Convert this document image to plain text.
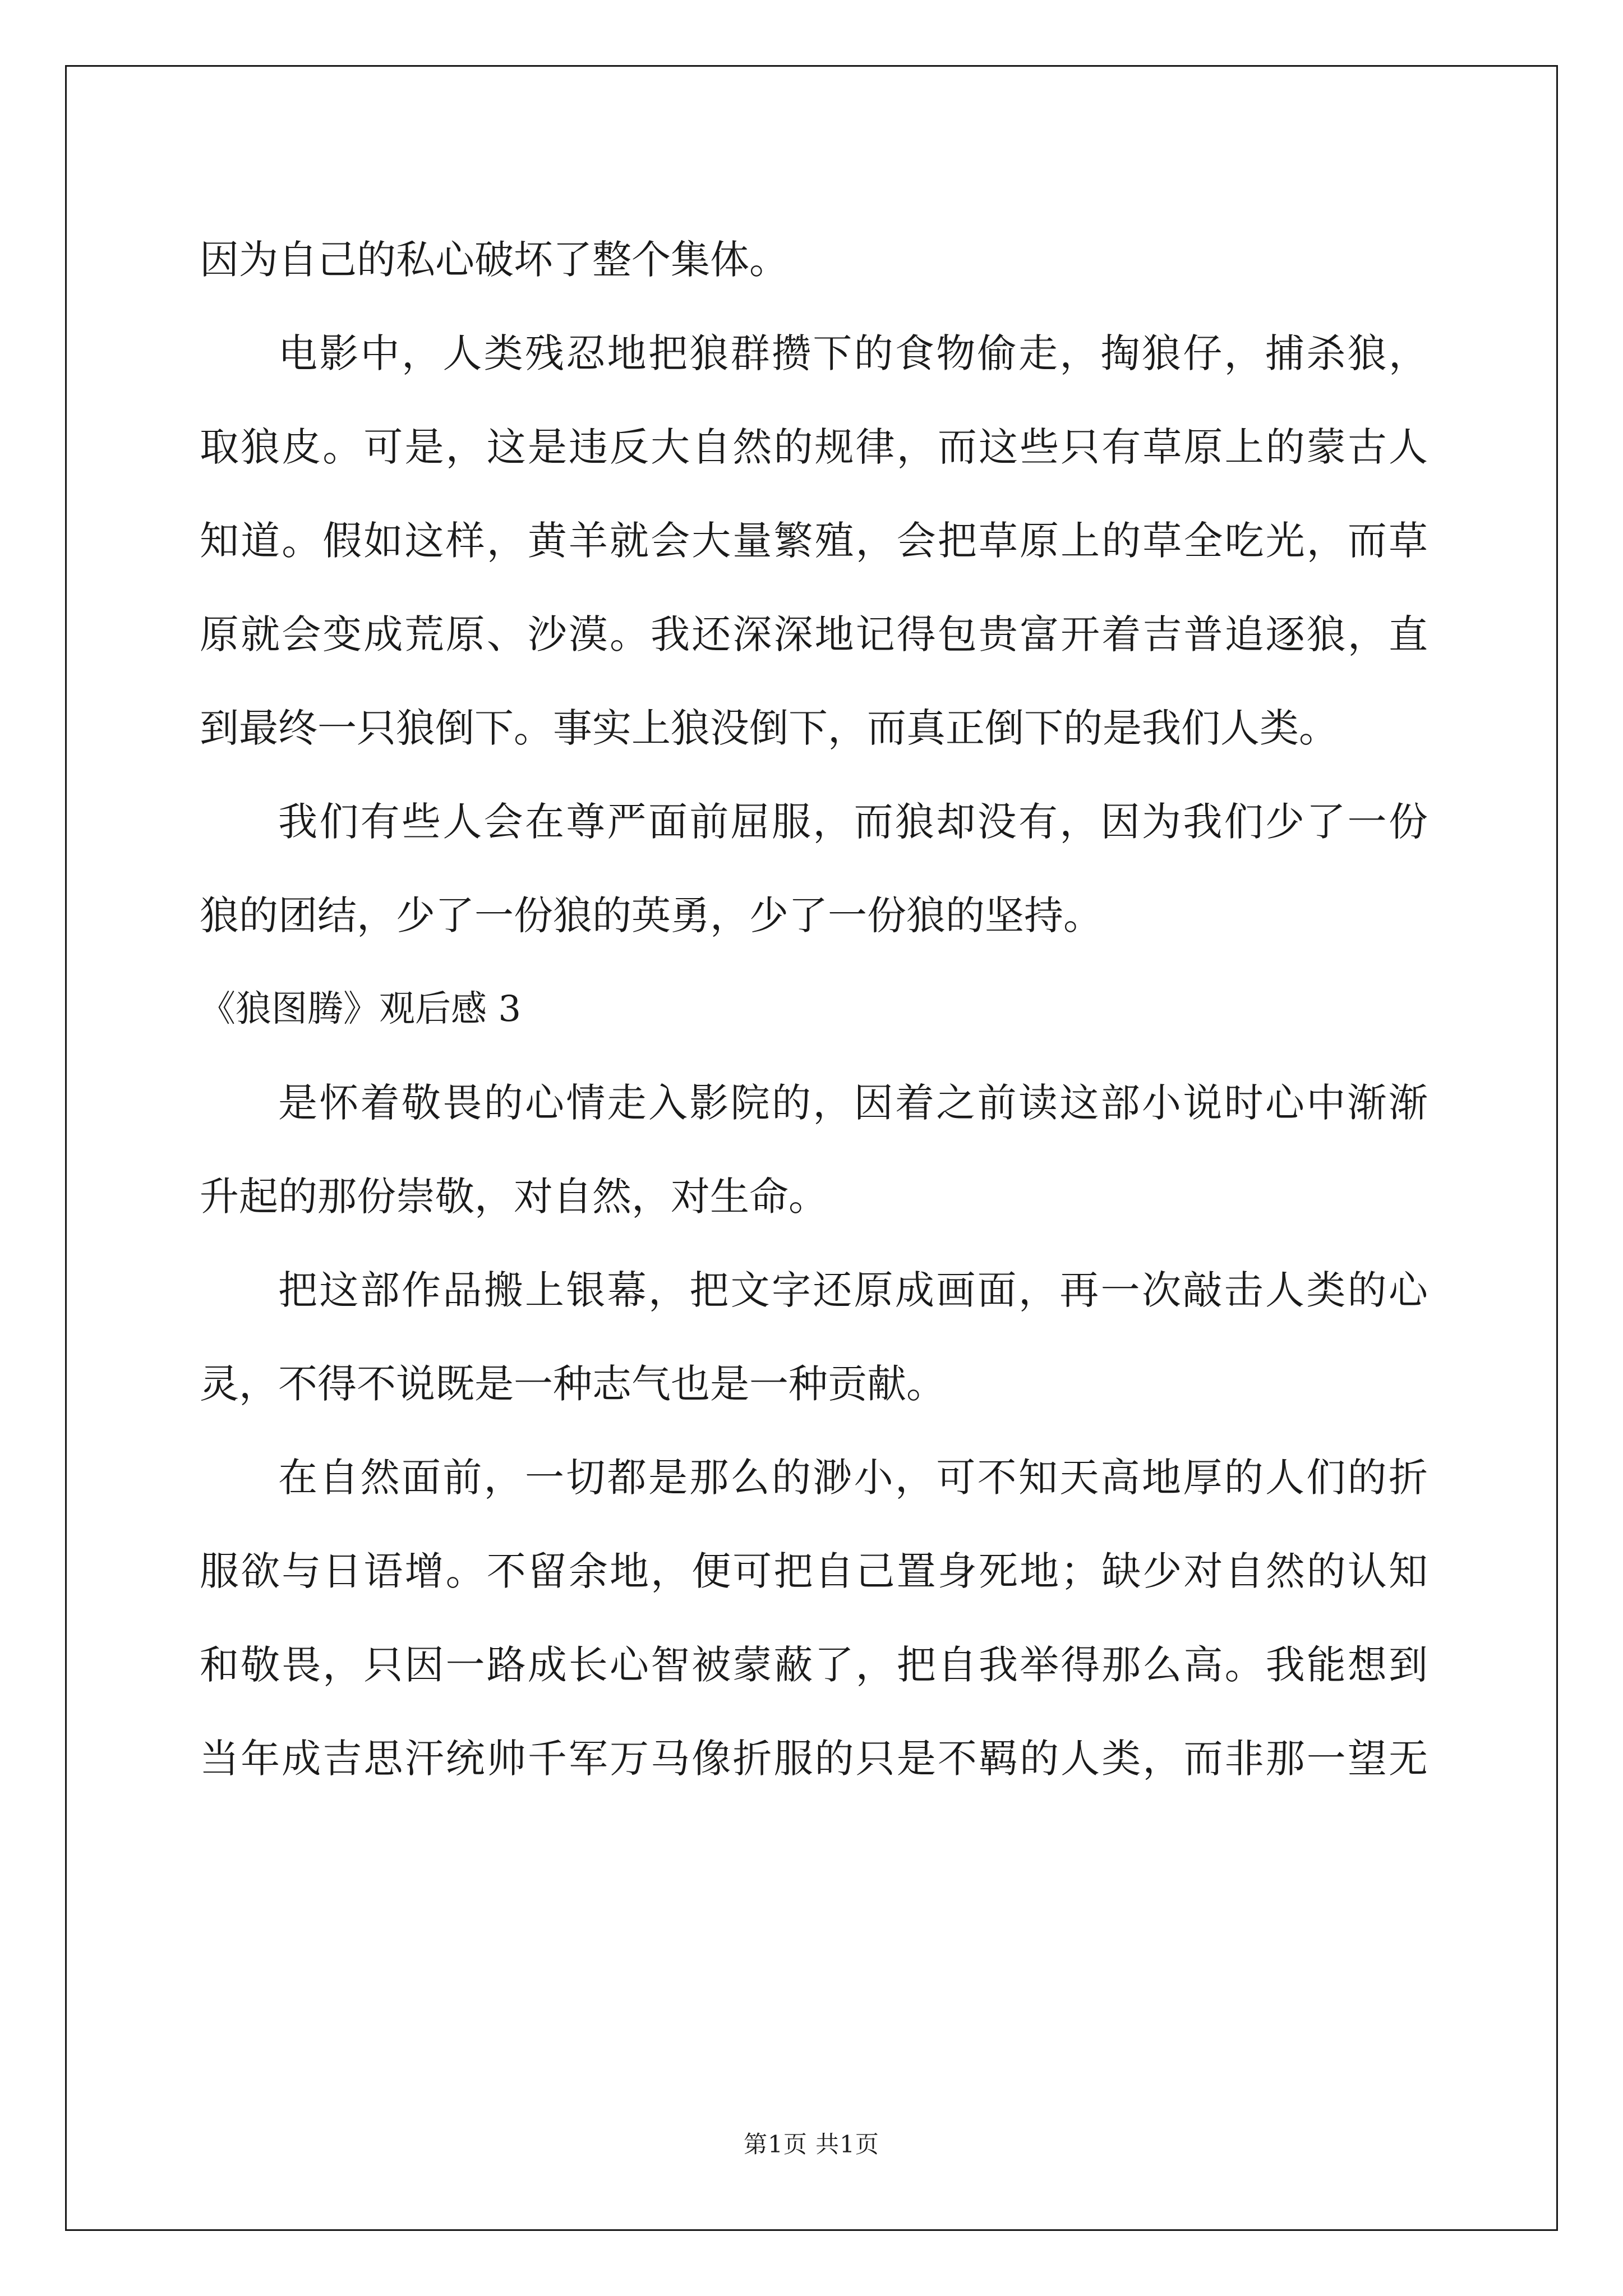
因为自己的私心破坏了整个集体。
电影中，人类残忍地把狼群攒下的食物偷走，掏狼仔，捕杀狼，
取狼皮。可是，这是违反大自然的规律，而这些只有草原上的蒙古人
知道。假如这样，黄羊就会大量繁殖，会把草原上的草全吃光，而草
原就会变成荒原、沙漠。我还深深地记得包贵富开着吉普追逐狼，直
到最终一只狼倒下。事实上狼没倒下，而真正倒下的是我们人类。
我们有些人会在尊严面前屈服，而狼却没有，因为我们少了一份
狼的团结，少了一份狼的英勇，少了一份狼的坚持。
《狼图腾》观后感 3
是怀着敬畏的心情走入影院的，因着之前读这部小说时心中渐渐
升起的那份崇敬，对自然，对生命。
把这部作品搬上银幕，把文字还原成画面，再一次敲击人类的心
灵，不得不说既是一种志气也是一种贡献。
在自然面前，一切都是那么的渺小，可不知天高地厚的人们的折
服欲与日语增。不留余地，便可把自己置身死地；缺少对自然的认知
和敬畏，只因一路成长心智被蒙蔽了，把自我举得那么高。我能想到
当年成吉思汗统帅千军万马像折服的只是不羁的人类，而非那一望无
第1页 共1页
